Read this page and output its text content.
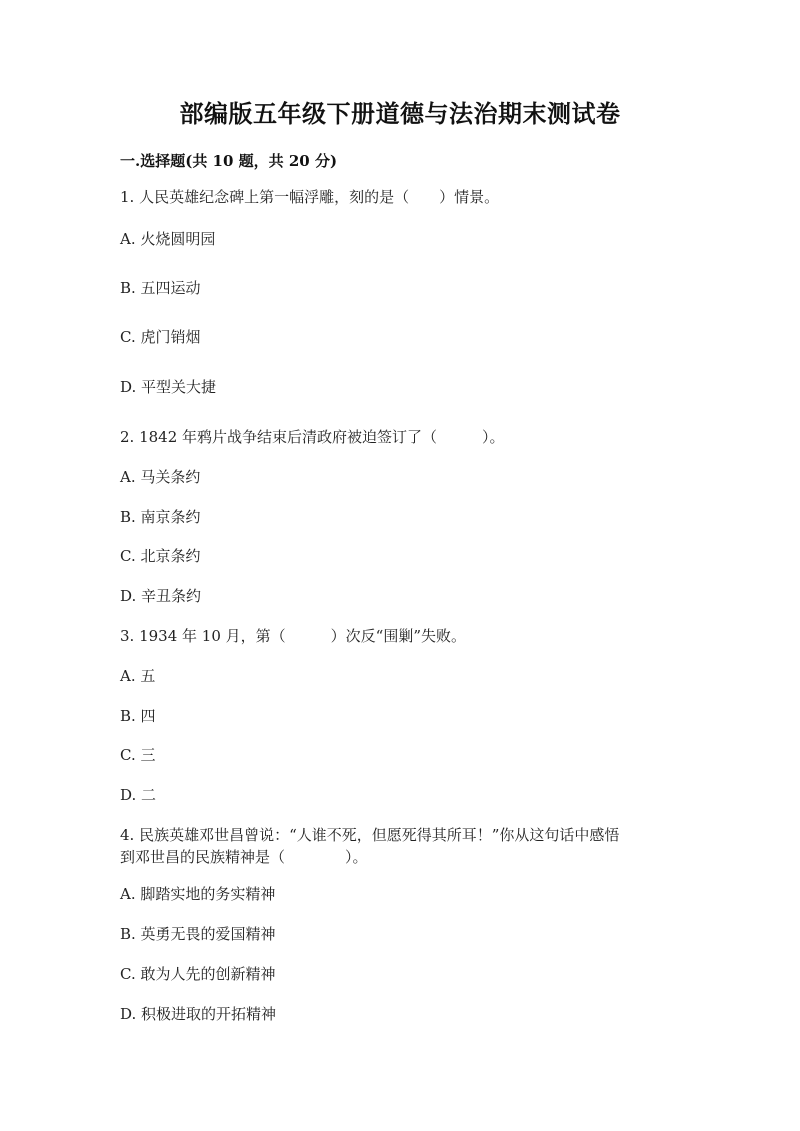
部编版五年级下册道德与法治期末测试卷
一.选择题(共 10 题，共 20 分)
1. 人民英雄纪念碑上第一幅浮雕，刻的是（　　）情景。
A. 火烧圆明园
B. 五四运动
C. 虎门销烟
D. 平型关大捷
2. 1842 年鸦片战争结束后清政府被迫签订了（　　　）。
A. 马关条约
B. 南京条约
C. 北京条约
D. 辛丑条约
3. 1934 年 10 月，第（　　　）次反“围剿”失败。
A. 五
B. 四
C. 三
D. 二
4. 民族英雄邓世昌曾说：“人谁不死，但愿死得其所耳！”你从这句话中感悟
到邓世昌的民族精神是（　　　　）。
A. 脚踏实地的务实精神
B. 英勇无畏的爱国精神
C. 敢为人先的创新精神
D. 积极进取的开拓精神
